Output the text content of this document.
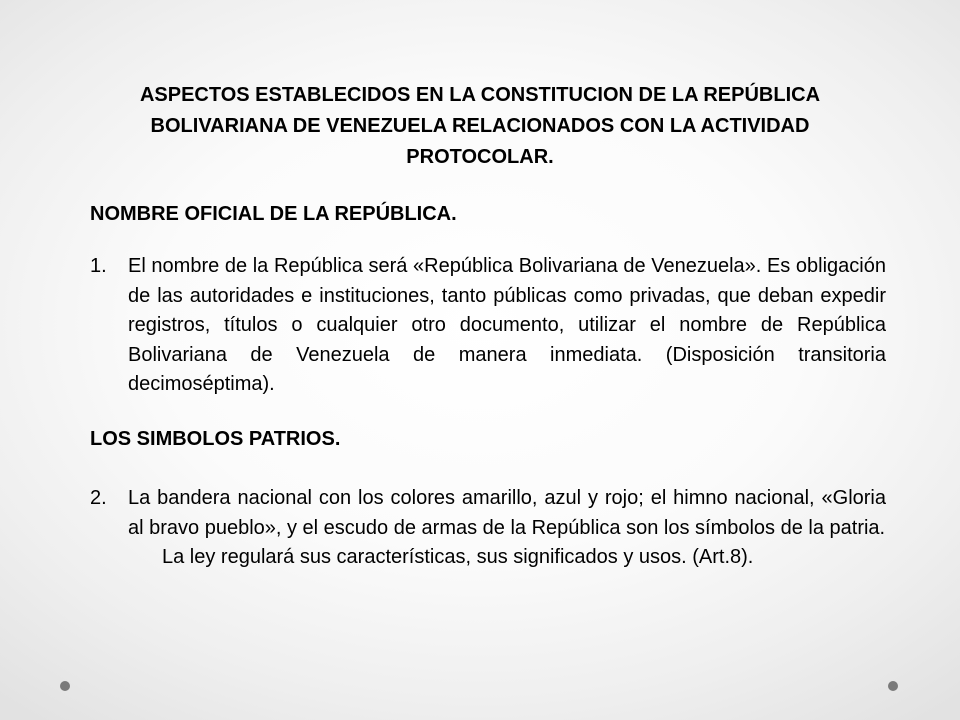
ASPECTOS ESTABLECIDOS EN LA CONSTITUCION DE LA REPÚBLICA BOLIVARIANA DE VENEZUELA RELACIONADOS CON LA ACTIVIDAD PROTOCOLAR.
NOMBRE OFICIAL DE LA REPÚBLICA.
1.	El nombre de la República será «República Bolivariana de Venezuela». Es obligación de las autoridades e instituciones, tanto públicas como privadas, que deban expedir registros, títulos o cualquier otro documento, utilizar el nombre de República Bolivariana de Venezuela de manera inmediata. (Disposición transitoria decimoséptima).
LOS SIMBOLOS PATRIOS.
2.	La bandera nacional con los colores amarillo, azul y rojo; el himno nacional, «Gloria al bravo pueblo», y el escudo de armas de la República son los símbolos de la patria.
La ley regulará sus características, sus significados y usos. (Art.8).
